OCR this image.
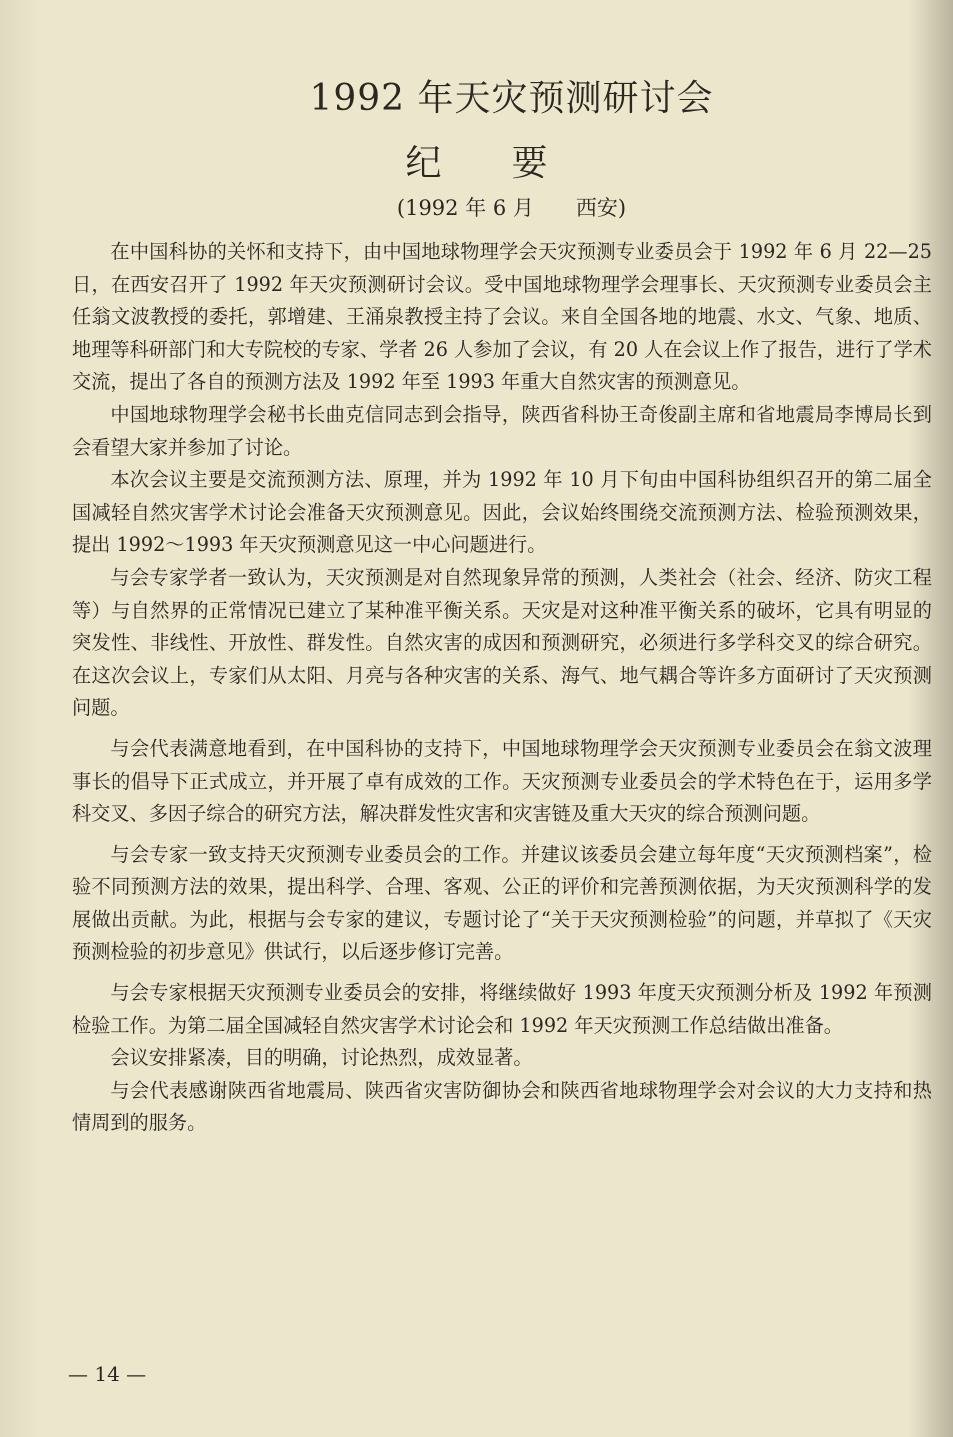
1992 年天灾预测研讨会
纪要
(1992 年 6 月　　西安)

在中国科协的关怀和支持下，由中国地球物理学会天灾预测专业委员会于 1992 年 6 月 22—25 日，在西安召开了 1992 年天灾预测研讨会议。受中国地球物理学会理事长、天灾预测专业委员会主任翁文波教授的委托，郭增建、王涌泉教授主持了会议。来自全国各地的地震、水文、气象、地质、地理等科研部门和大专院校的专家、学者 26 人参加了会议，有 20 人在会议上作了报告，进行了学术交流，提出了各自的预测方法及 1992 年至 1993 年重大自然灾害的预测意见。

中国地球物理学会秘书长曲克信同志到会指导，陕西省科协王奇俊副主席和省地震局李博局长到会看望大家并参加了讨论。

本次会议主要是交流预测方法、原理，并为 1992 年 10 月下旬由中国科协组织召开的第二届全国减轻自然灾害学术讨论会准备天灾预测意见。因此，会议始终围绕交流预测方法、检验预测效果，提出 1992～1993 年天灾预测意见这一中心问题进行。

与会专家学者一致认为，天灾预测是对自然现象异常的预测，人类社会（社会、经济、防灾工程等）与自然界的正常情况已建立了某种准平衡关系。天灾是对这种准平衡关系的破坏，它具有明显的突发性、非线性、开放性、群发性。自然灾害的成因和预测研究，必须进行多学科交叉的综合研究。在这次会议上，专家们从太阳、月亮与各种灾害的关系、海气、地气耦合等许多方面研讨了天灾预测问题。

与会代表满意地看到，在中国科协的支持下，中国地球物理学会天灾预测专业委员会在翁文波理事长的倡导下正式成立，并开展了卓有成效的工作。天灾预测专业委员会的学术特色在于，运用多学科交叉、多因子综合的研究方法，解决群发性灾害和灾害链及重大天灾的综合预测问题。

与会专家一致支持天灾预测专业委员会的工作。并建议该委员会建立每年度“天灾预测档案”，检验不同预测方法的效果，提出科学、合理、客观、公正的评价和完善预测依据，为天灾预测科学的发展做出贡献。为此，根据与会专家的建议，专题讨论了“关于天灾预测检验”的问题，并草拟了《天灾预测检验的初步意见》供试行，以后逐步修订完善。

与会专家根据天灾预测专业委员会的安排，将继续做好 1993 年度天灾预测分析及 1992 年预测检验工作。为第二届全国减轻自然灾害学术讨论会和 1992 年天灾预测工作总结做出准备。

会议安排紧凑，目的明确，讨论热烈，成效显著。

与会代表感谢陕西省地震局、陕西省灾害防御协会和陕西省地球物理学会对会议的大力支持和热情周到的服务。

— 14 —
